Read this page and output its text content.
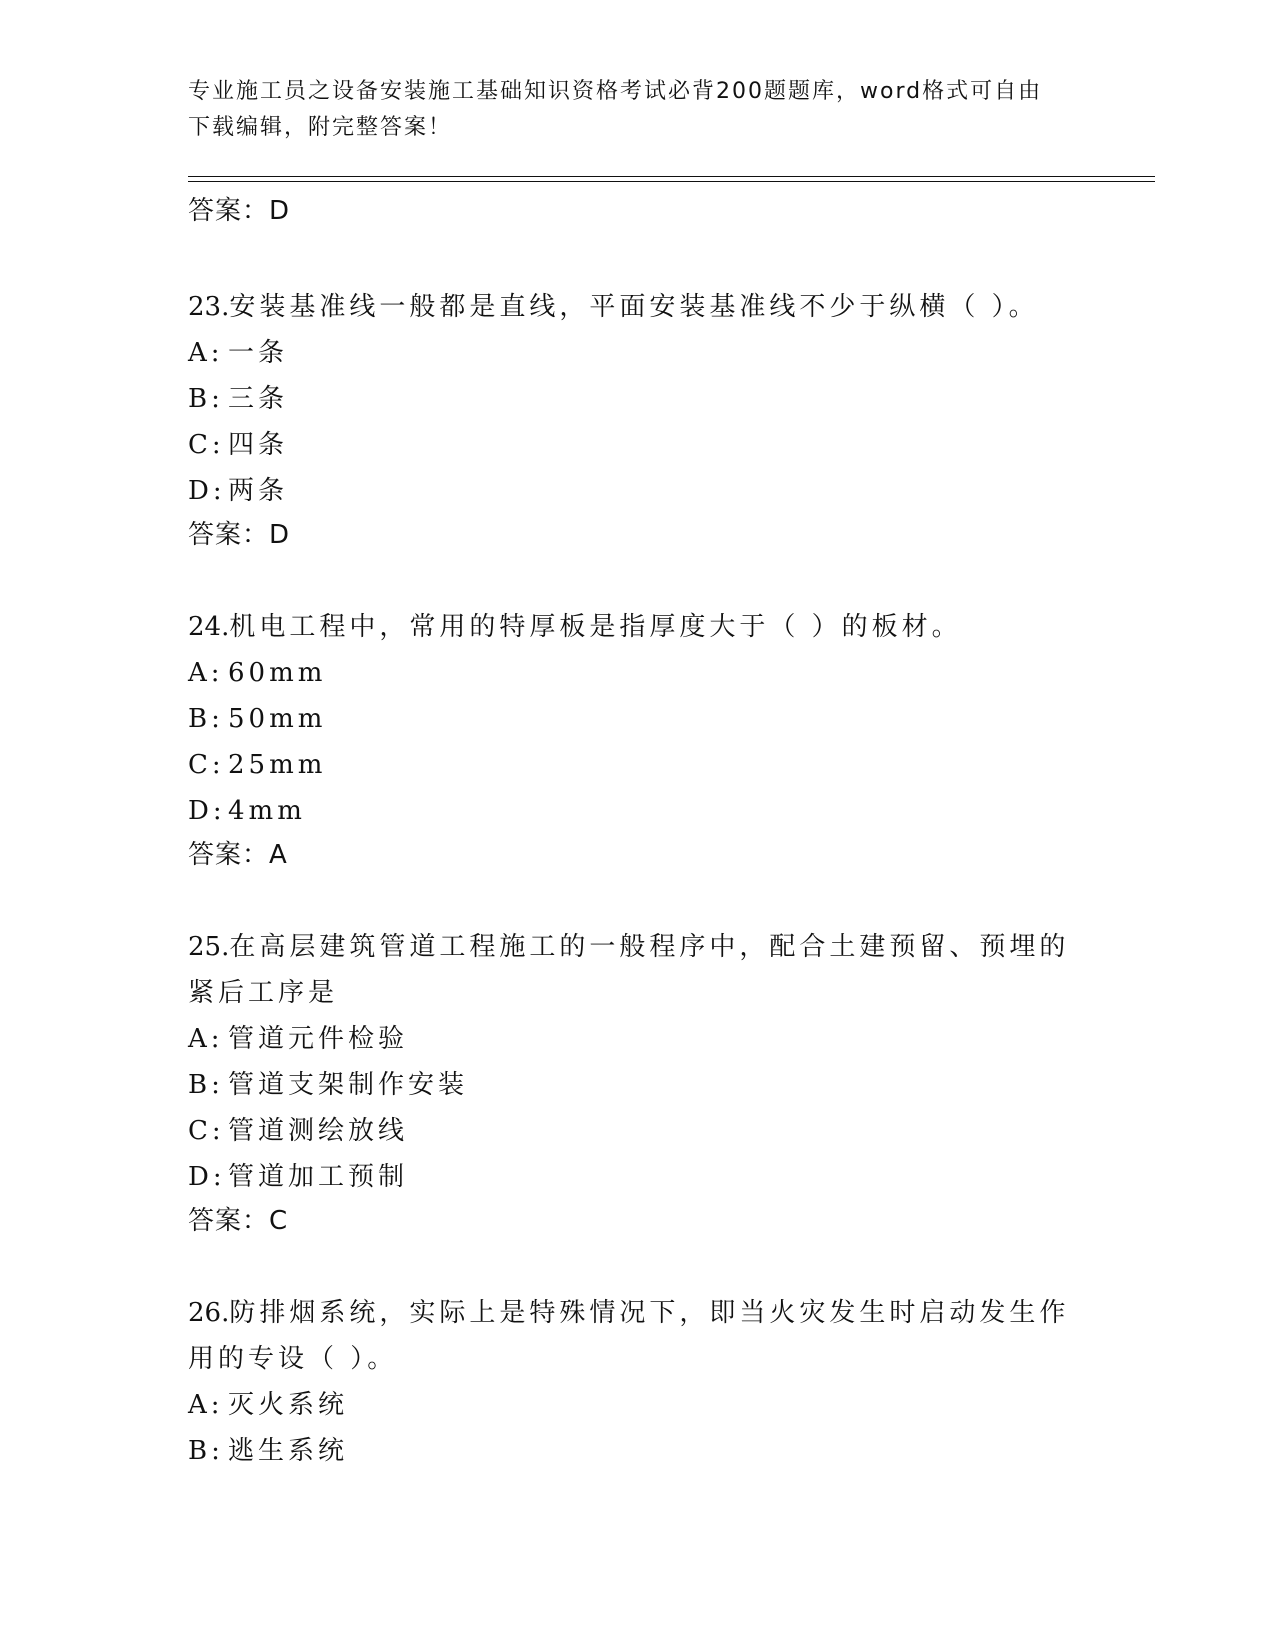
专业施工员之设备安装施工基础知识资格考试必背200题题库，word格式可自由
下载编辑，附完整答案！
答案：D

23.安装基准线一般都是直线，平面安装基准线不少于纵横（ ）。

A: 一条
B: 三条
C: 四条
D:两条
答案：D

24.机电工程中，常用的特厚板是指厚度大于（ ）的板材。

A: 60mm
B: 50mm
C: 25mm
D:4mm
答案：A

25.在高层建筑管道工程施工的一般程序中，配合土建预留、预埋的紧后工序是

A: 管道元件检验
B: 管道支架制作安装
C: 管道测绘放线
D:管道加工预制
答案：C

26.防排烟系统，实际上是特殊情况下，即当火灾发生时启动发生作用的专设（ ）。

A: 灭火系统
B: 逃生系统
